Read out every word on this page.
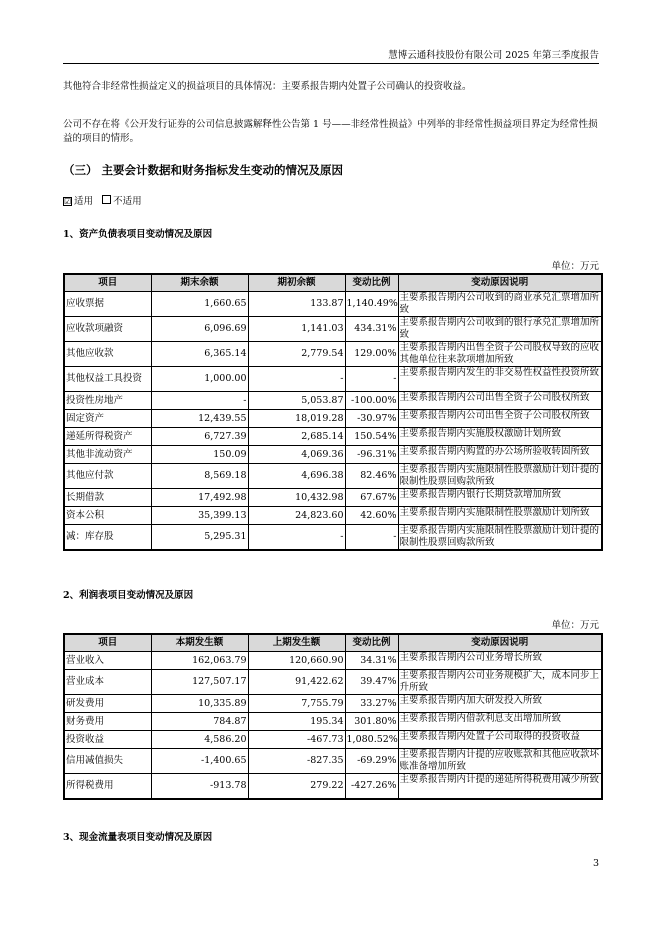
慧博云通科技股份有限公司 2025 年第三季度报告
其他符合非经常性损益定义的损益项目的具体情况：主要系报告期内处置子公司确认的投资收益。
公司不存在将《公开发行证券的公司信息披露解释性公告第 1 号——非经常性损益》中列举的非经常性损益项目界定为经常性损益的项目的情形。
（三） 主要会计数据和财务指标发生变动的情况及原因
☑ 适用 不适用
1、资产负债表项目变动情况及原因
单位：万元
项目	期末余额	期初余额	变动比例	变动原因说明
应收票据	1,660.65	133.87	1,140.49%	主要系报告期内公司收到的商业承兑汇票增加所致
应收款项融资	6,096.69	1,141.03	434.31%	主要系报告期内公司收到的银行承兑汇票增加所致
其他应收款	6,365.14	2,779.54	129.00%	主要系报告期内出售全资子公司股权导致的应收其他单位往来款项增加所致
其他权益工具投资	1,000.00	-	-	主要系报告期内发生的非交易性权益性投资所致
投资性房地产	-	5,053.87	-100.00%	主要系报告期内公司出售全资子公司股权所致
固定资产	12,439.55	18,019.28	-30.97%	主要系报告期内公司出售全资子公司股权所致
递延所得税资产	6,727.39	2,685.14	150.54%	主要系报告期内实施股权激励计划所致
其他非流动资产	150.09	4,069.36	-96.31%	主要系报告期内购置的办公场所验收转固所致
其他应付款	8,569.18	4,696.38	82.46%	主要系报告期内实施限制性股票激励计划计提的限制性股票回购款所致
长期借款	17,492.98	10,432.98	67.67%	主要系报告期内银行长期贷款增加所致
资本公积	35,399.13	24,823.60	42.60%	主要系报告期内实施限制性股票激励计划所致
减：库存股	5,295.31	-	-	主要系报告期内实施限制性股票激励计划计提的限制性股票回购款所致
2、利润表项目变动情况及原因
单位：万元
项目	本期发生额	上期发生额	变动比例	变动原因说明
营业收入	162,063.79	120,660.90	34.31%	主要系报告期内公司业务增长所致
营业成本	127,507.17	91,422.62	39.47%	主要系报告期内公司业务规模扩大，成本同步上升所致
研发费用	10,335.89	7,755.79	33.27%	主要系报告期内加大研发投入所致
财务费用	784.87	195.34	301.80%	主要系报告期内借款利息支出增加所致
投资收益	4,586.20	-467.73	1,080.52%	主要系报告期内处置子公司取得的投资收益
信用减值损失	-1,400.65	-827.35	-69.29%	主要系报告期内计提的应收账款和其他应收款坏账准备增加所致
所得税费用	-913.78	279.22	-427.26%	主要系报告期内计提的递延所得税费用减少所致
3、现金流量表项目变动情况及原因
3
